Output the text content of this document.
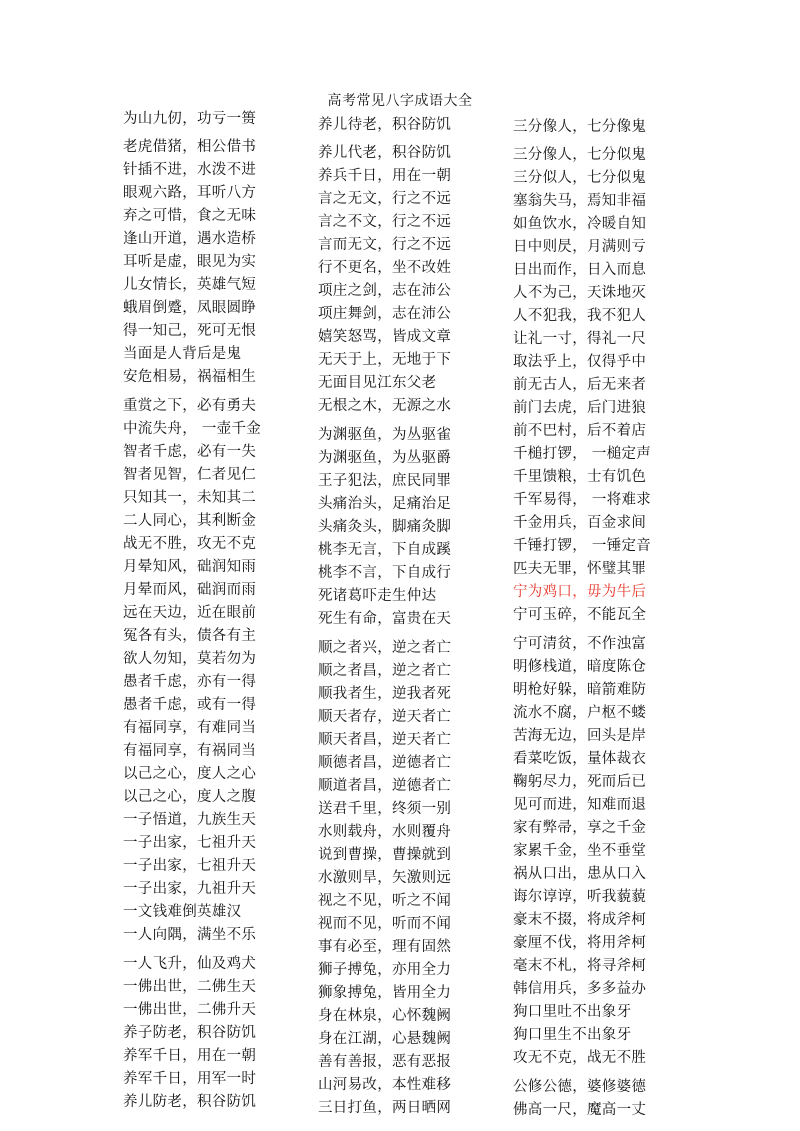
高考常见八字成语大全
为山九仞，功亏一篑
老虎借猪，相公借书
针插不进，水泼不进
眼观六路，耳听八方
弃之可惜，食之无味
逢山开道，遇水造桥
耳听是虚，眼见为实
儿女情长，英雄气短
蛾眉倒蹙，凤眼圆睁
得一知己，死可无恨
当面是人背后是鬼
安危相易，祸福相生
重赏之下，必有勇夫
中流失舟， 一壶千金
智者千虑，必有一失
智者见智，仁者见仁
只知其一，未知其二
二人同心，其利断金
战无不胜，攻无不克
月晕知风，础润知雨
月晕而风，础润而雨
远在天边，近在眼前
冤各有头，债各有主
欲人勿知，莫若勿为
愚者千虑，亦有一得
愚者千虑，或有一得
有福同享，有难同当
有福同享，有祸同当
以己之心，度人之心
以己之心，度人之腹
一子悟道，九族生天
一子出家，七祖升天
一子出家，七祖升天
一子出家，九祖升天
一文钱难倒英雄汉
一人向隅，满坐不乐
一人飞升，仙及鸡犬
一佛出世，二佛生天
一佛出世，二佛升天
养子防老，积谷防饥
养军千日，用在一朝
养军千日，用军一时
养儿防老，积谷防饥
养儿待老，积谷防饥
养儿代老，积谷防饥
养兵千日，用在一朝
言之无文，行之不远
言之不文，行之不远
言而无文，行之不远
行不更名，坐不改姓
项庄之剑，志在沛公
项庄舞剑，志在沛公
嬉笑怒骂，皆成文章
无天于上，无地于下
无面目见江东父老
无根之木，无源之水
为渊驱鱼，为丛驱雀
为渊驱鱼，为丛驱爵
王子犯法，庶民同罪
头痛治头，足痛治足
头痛灸头，脚痛灸脚
桃李无言，下自成蹊
桃李不言，下自成行
死诸葛吓走生仲达
死生有命，富贵在天
顺之者兴，逆之者亡
顺之者昌，逆之者亡
顺我者生，逆我者死
顺天者存，逆天者亡
顺天者昌，逆天者亡
顺德者昌，逆德者亡
顺道者昌，逆德者亡
送君千里，终须一别
水则载舟，水则覆舟
说到曹操，曹操就到
水激则旱，矢激则远
视之不见，听之不闻
视而不见，听而不闻
事有必至，理有固然
狮子搏兔，亦用全力
狮象搏兔，皆用全力
身在林泉，心怀魏阙
身在江湖，心悬魏阙
善有善报，恶有恶报
山河易改，本性难移
三日打鱼，两日晒网
三分像人，七分像鬼
三分像人，七分似鬼
三分似人，七分似鬼
塞翁失马，焉知非福
如鱼饮水，冷暖自知
日中则昃，月满则亏
日出而作，日入而息
人不为己，天诛地灭
人不犯我，我不犯人
让礼一寸，得礼一尺
取法乎上，仅得乎中
前无古人，后无来者
前门去虎，后门进狼
前不巴村，后不着店
千槌打锣， 一槌定声
千里馈粮，士有饥色
千军易得， 一将难求
千金用兵，百金求间
千锤打锣， 一锤定音
匹夫无罪，怀璧其罪
宁为鸡口，毋为牛后
宁可玉碎，不能瓦全
宁可清贫，不作浊富
明修栈道，暗度陈仓
明枪好躲，暗箭难防
流水不腐，户枢不蝼
苦海无边，回头是岸
看菜吃饭，量体裁衣
鞠躬尽力，死而后已
见可而进，知难而退
家有弊帚，享之千金
家累千金，坐不垂堂
祸从口出，患从口入
诲尔谆谆，听我藐藐
豪末不掇，将成斧柯
豪厘不伐，将用斧柯
毫末不札，将寻斧柯
韩信用兵，多多益办
狗口里吐不出象牙
狗口里生不出象牙
攻无不克，战无不胜
公修公德，婆修婆德
佛高一尺，魔高一丈
